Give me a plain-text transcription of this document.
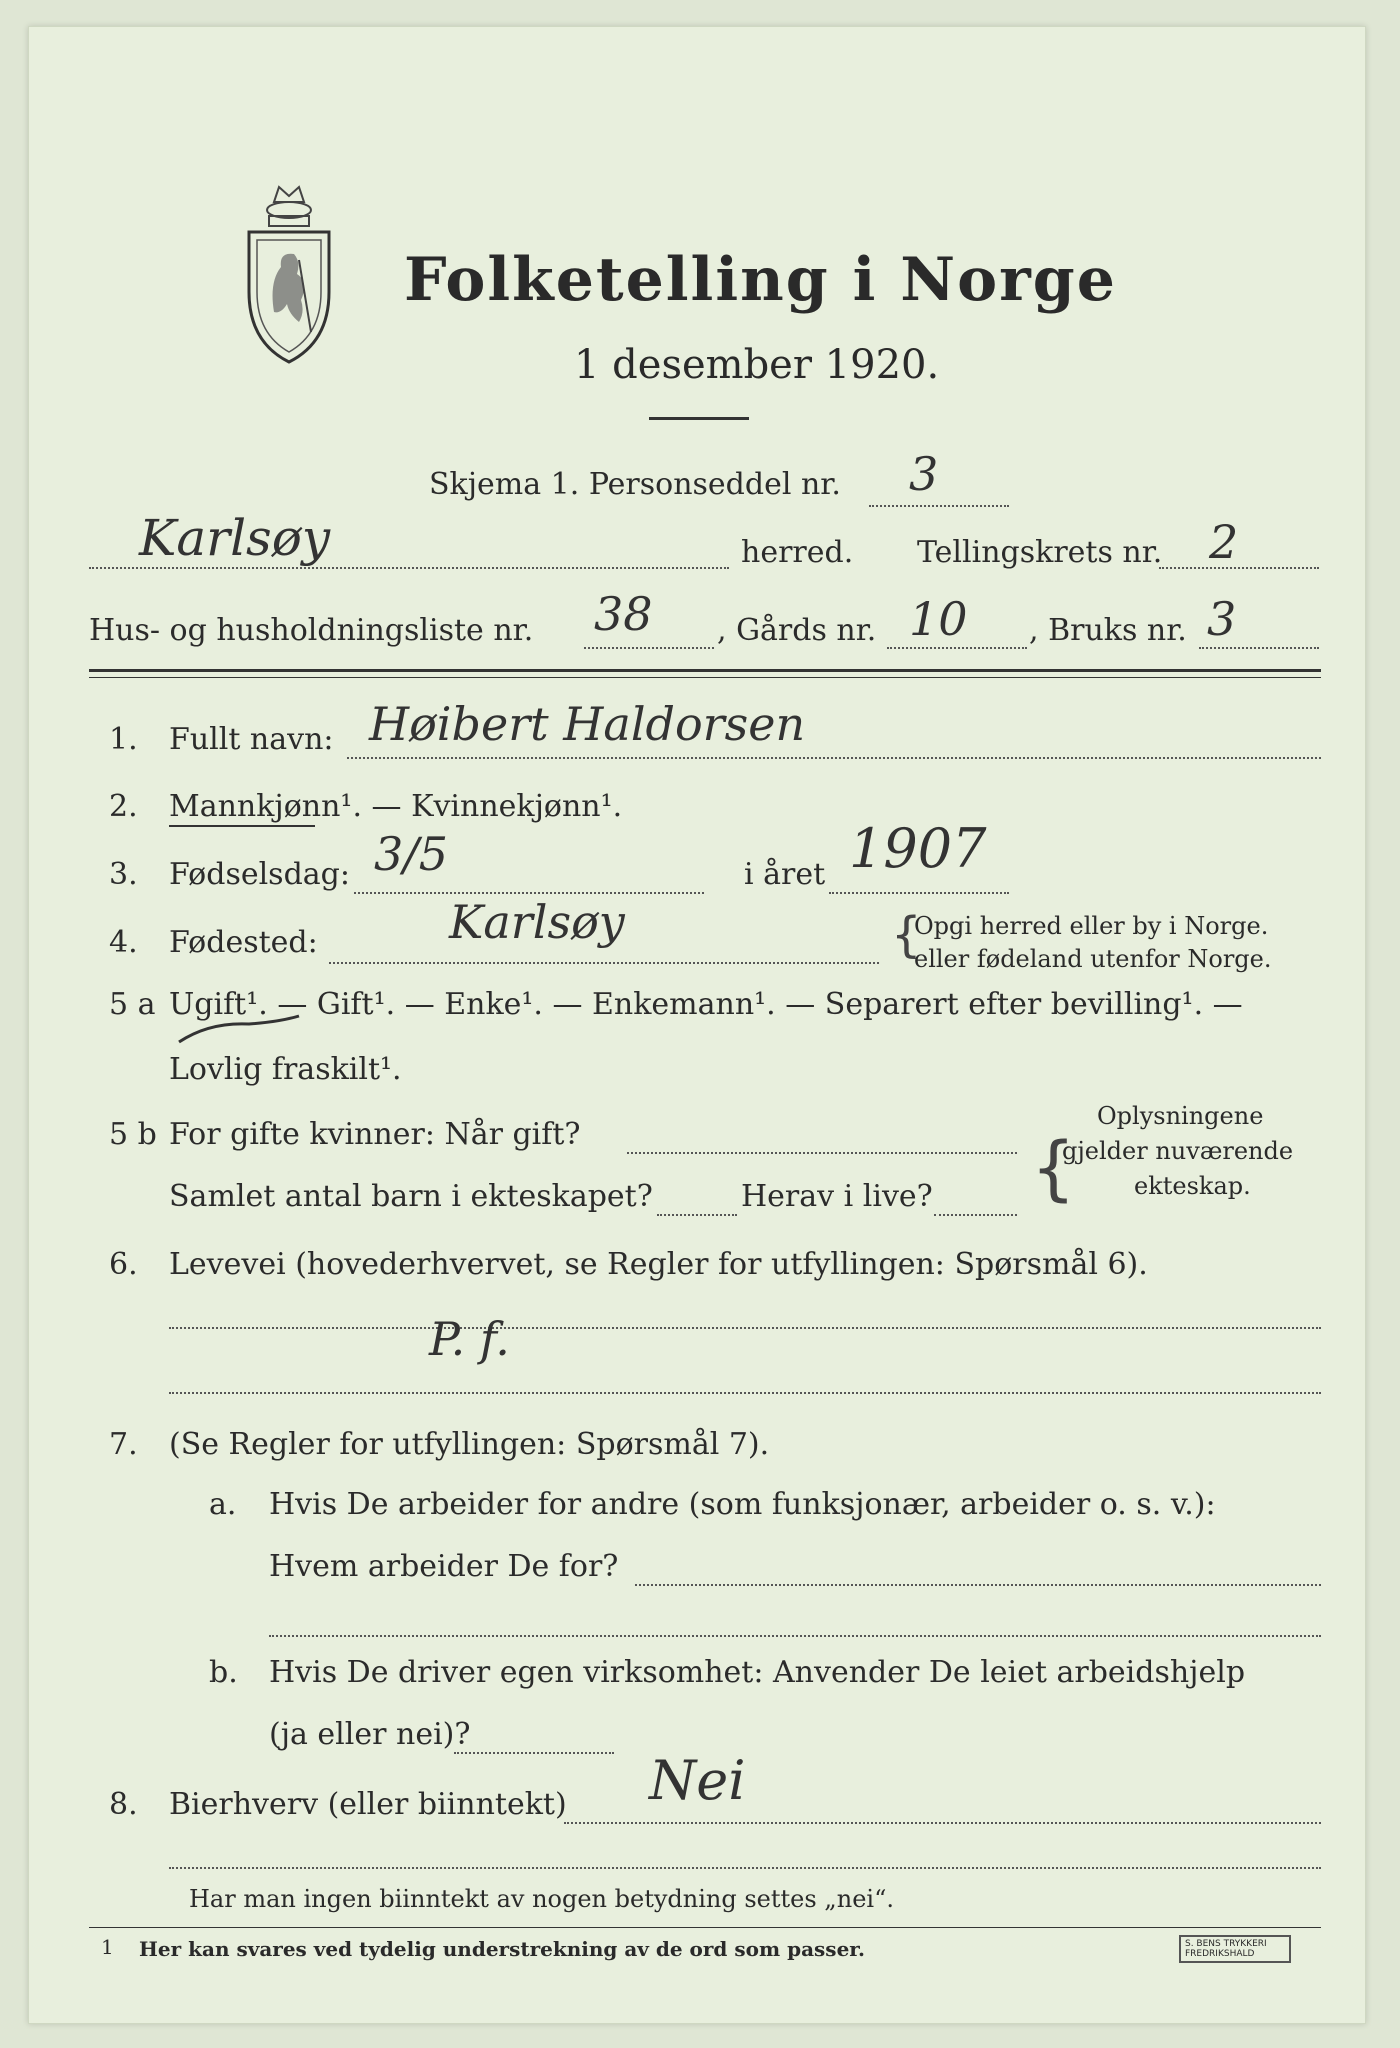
Folketelling i Norge
1 desember 1920.
Skjema 1. Personseddel nr. 3
Karlsøy	herred. Tellingskrets nr. 2
Hus- og husholdningsliste nr. 38 , Gårds nr. 10 , Bruks nr. 3
1. Fullt navn: Høibert Haldorsen
2. Mannkjønn¹. — Kvinnekjønn¹.
3. Fødselsdag: 3/5	i året 1907
4. Fødested:	Karlsøy	{
Opgi herred eller by i Norge.
eller fødeland utenfor Norge.
5 a Ugift¹. — Gift¹. — Enke¹. — Enkemann¹. — Separert efter bevilling¹. —
Lovlig fraskilt¹.
5 b For gifte kvinner: Når gift?
Samlet antal barn i ekteskapet?	Herav i live? {
Oplysningene
gjelder nuværende
ekteskap.
6. Levevei (hovederhvervet, se Regler for utfyllingen: Spørsmål 6).
P. f.
7. (Se Regler for utfyllingen: Spørsmål 7).
a. Hvis De arbeider for andre (som funksjonær, arbeider o. s. v.):
Hvem arbeider De for?
b. Hvis De driver egen virksomhet: Anvender De leiet arbeidshjelp
(ja eller nei)?
8. Bierhverv (eller biinntekt) Nei
Har man ingen biinntekt av nogen betydning settes „nei“.
1 Her kan svares ved tydelig understrekning av de ord som passer.	S. BENS TRYKKERI
FREDRIKSHALD
